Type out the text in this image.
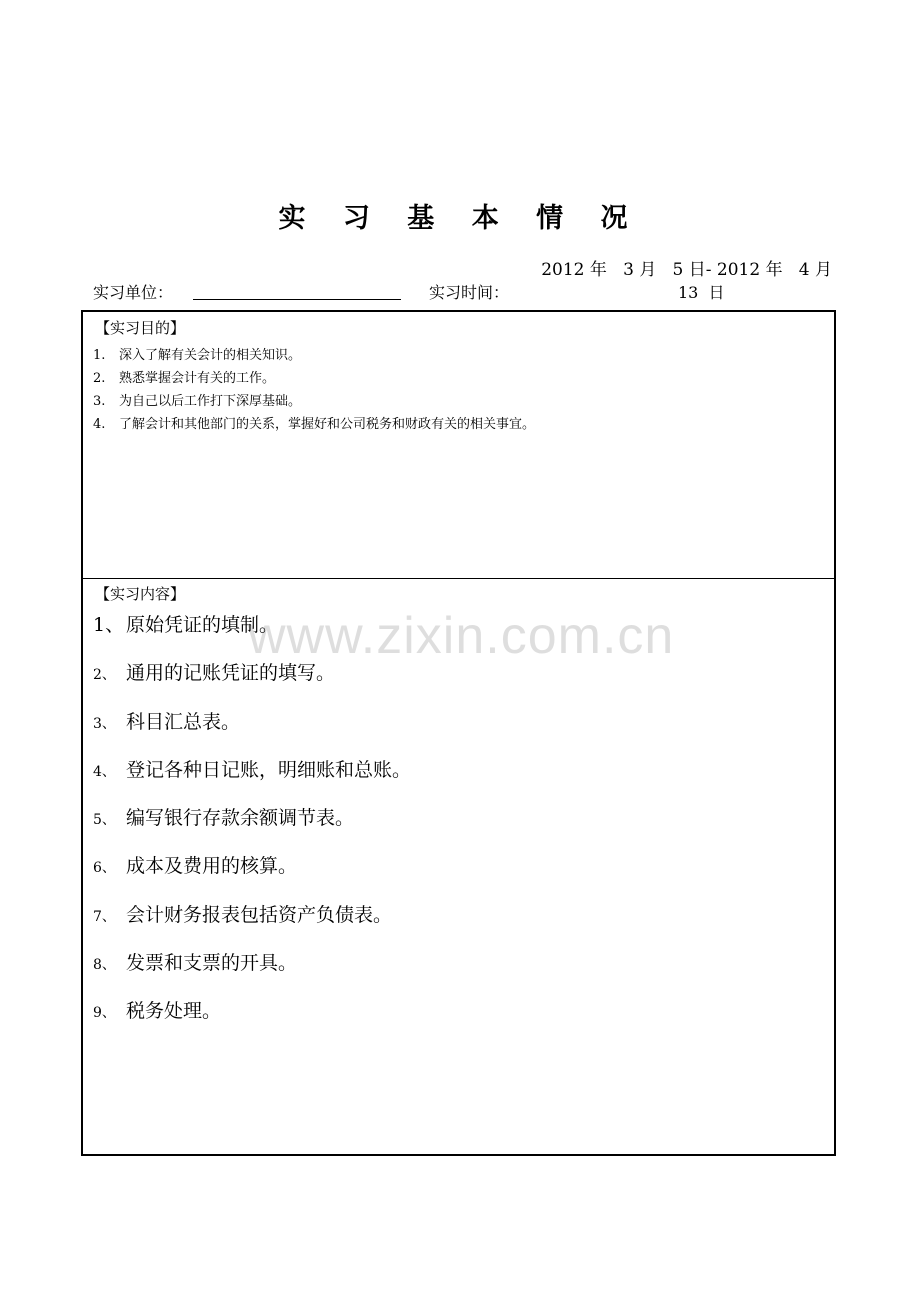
实 习 基 本 情 况
2012 年   3 月   5 日- 2012 年   4 月
实习单位：	实习时间：	13  日
【实习目的】
1.	深入了解有关会计的相关知识。
2.	熟悉掌握会计有关的工作。
3.	为自己以后工作打下深厚基础。
4.	了解会计和其他部门的关系，掌握好和公司税务和财政有关的相关事宜。
【实习内容】
1、 原始凭证的填制。
2、 通用的记账凭证的填写。
3、 科目汇总表。
4、 登记各种日记账，明细账和总账。
5、 编写银行存款余额调节表。
6、 成本及费用的核算。
7、 会计财务报表包括资产负债表。
8、 发票和支票的开具。
9、 税务处理。
www.zixin.com.cn
